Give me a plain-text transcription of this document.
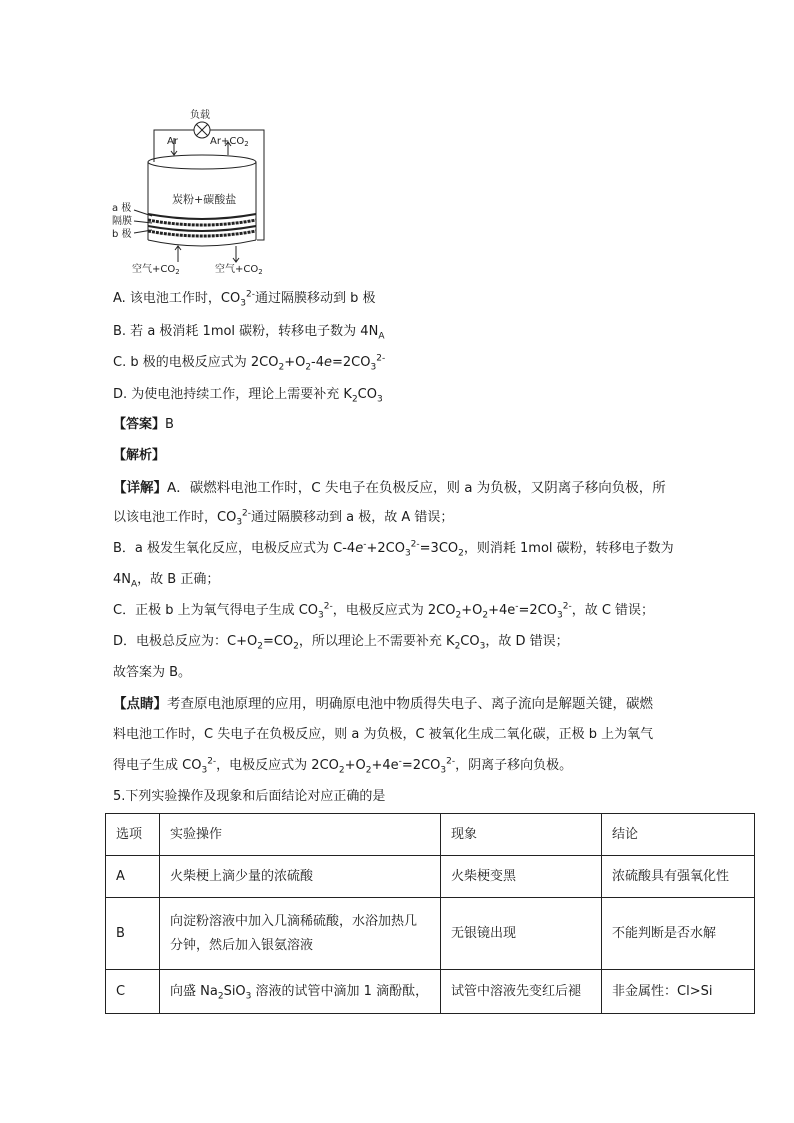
负载
Ar	$Ar+CO_2$
炭粉+碳酸盐
a 极
隔膜
b 极
空气$+CO_2$	空气$+CO_2$
A. 该电池工作时，$CO_3^{2-}$通过隔膜移动到 b 极
B. 若 a 极消耗 1mol 碳粉，转移电子数为 $4N_A$
C. b 极的电极反应式为 $2CO_2+O_2-4e=2CO_3^{2-}$
D. 为使电池持续工作，理论上需要补充 $K_2CO_3$
【答案】B
【解析】
【详解】A．碳燃料电池工作时，C 失电子在负极反应，则 a 为负极，又阴离子移向负极，所
以该电池工作时，$CO_3^{2-}$通过隔膜移动到 a 极，故 A 错误；
B．a 极发生氧化反应，电极反应式为 $C-4e^-+2CO_3^{2-}=3CO_2$，则消耗 1mol 碳粉，转移电子数为
$4N_A$，故 B 正确；
C．正极 b 上为氧气得电子生成 $CO_3^{2-}$，电极反应式为 $2CO_2+O_2+4e^-=2CO_3^{2-}$，故 C 错误；
D．电极总反应为：$C+O_2=CO_2$，所以理论上不需要补充 $K_2CO_3$，故 D 错误；
故答案为 B。
【点睛】考查原电池原理的应用，明确原电池中物质得失电子、离子流向是解题关键，碳燃
料电池工作时，C 失电子在负极反应，则 a 为负极，C 被氧化生成二氧化碳，正极 b 上为氧气
得电子生成 $CO_3^{2-}$，电极反应式为 $2CO_2+O_2+4e^-=2CO_3^{2-}$，阴离子移向负极。
5.下列实验操作及现象和后面结论对应正确的是
选项	实验操作	现象	结论
A	火柴梗上滴少量的浓硫酸	火柴梗变黑	浓硫酸具有强氧化性
B	向淀粉溶液中加入几滴稀硫酸，水浴加热几
分钟，然后加入银氨溶液	无银镜出现	不能判断是否水解
C	向盛 $Na_2SiO_3$ 溶液的试管中滴加 1 滴酚酞，	试管中溶液先变红后褪	非金属性：Cl>Si
